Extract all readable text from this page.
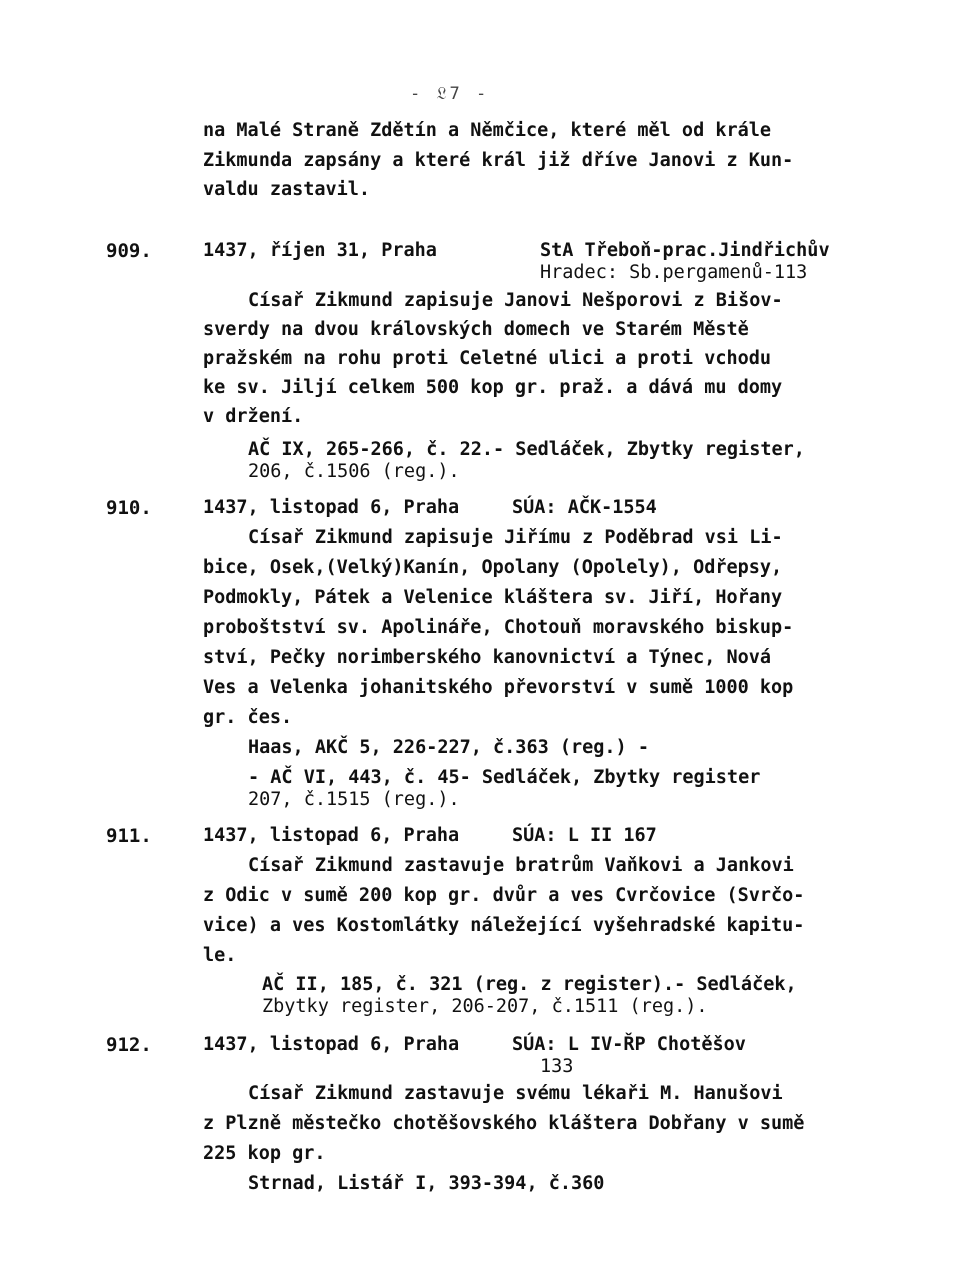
- 𝔏7 -
na Malé Straně Zdětín a Němčice, které měl od krále
Zikmunda zapsány a které král již dříve Janovi z Kun-
valdu zastavil.
909.	1437, říjen 31, Praha	StA Třeboň-prac.Jindřichův
Hradec: Sb.pergamenů-113
Císař Zikmund zapisuje Janovi Nešporovi z Bišov-
sverdy na dvou královských domech ve Starém Městě
pražském na rohu proti Celetné ulici a proti vchodu
ke sv. Jiljí celkem 500 kop gr. praž. a dává mu domy
v držení.
AČ IX, 265-266, č. 22.- Sedláček, Zbytky register,
206, č.1506 (reg.).
910.	1437, listopad 6, Praha	SÚA: AČK-1554
Císař Zikmund zapisuje Jiřímu z Poděbrad vsi Li-
bice, Osek,(Velký)Kanín, Opolany (Opolely), Odřepsy,
Podmokly, Pátek a Velenice kláštera sv. Jiří, Hořany
proboštství sv. Apolináře, Chotouň moravského biskup-
ství, Pečky norimberského kanovnictví a Týnec, Nová
Ves a Velenka johanitského převorství v sumě 1000 kop
gr. čes.
Haas, AKČ 5, 226-227, č.363 (reg.) -
- AČ VI, 443, č. 45- Sedláček, Zbytky register
207, č.1515 (reg.).
911.	1437, listopad 6, Praha	SÚA: L II 167
Císař Zikmund zastavuje bratrům Vaňkovi a Jankovi
z Odic v sumě 200 kop gr. dvůr a ves Cvrčovice (Svrčo-
vice) a ves Kostomlátky náležející vyšehradské kapitu-
le.
AČ II, 185, č. 321 (reg. z register).- Sedláček,
Zbytky register, 206-207, č.1511 (reg.).
912.	1437, listopad 6, Praha	SÚA: L IV-ŘP Chotěšov
133
Císař Zikmund zastavuje svému lékaři M. Hanušovi
z Plzně městečko chotěšovského kláštera Dobřany v sumě
225 kop gr.
Strnad, Listář I, 393-394, č.360
